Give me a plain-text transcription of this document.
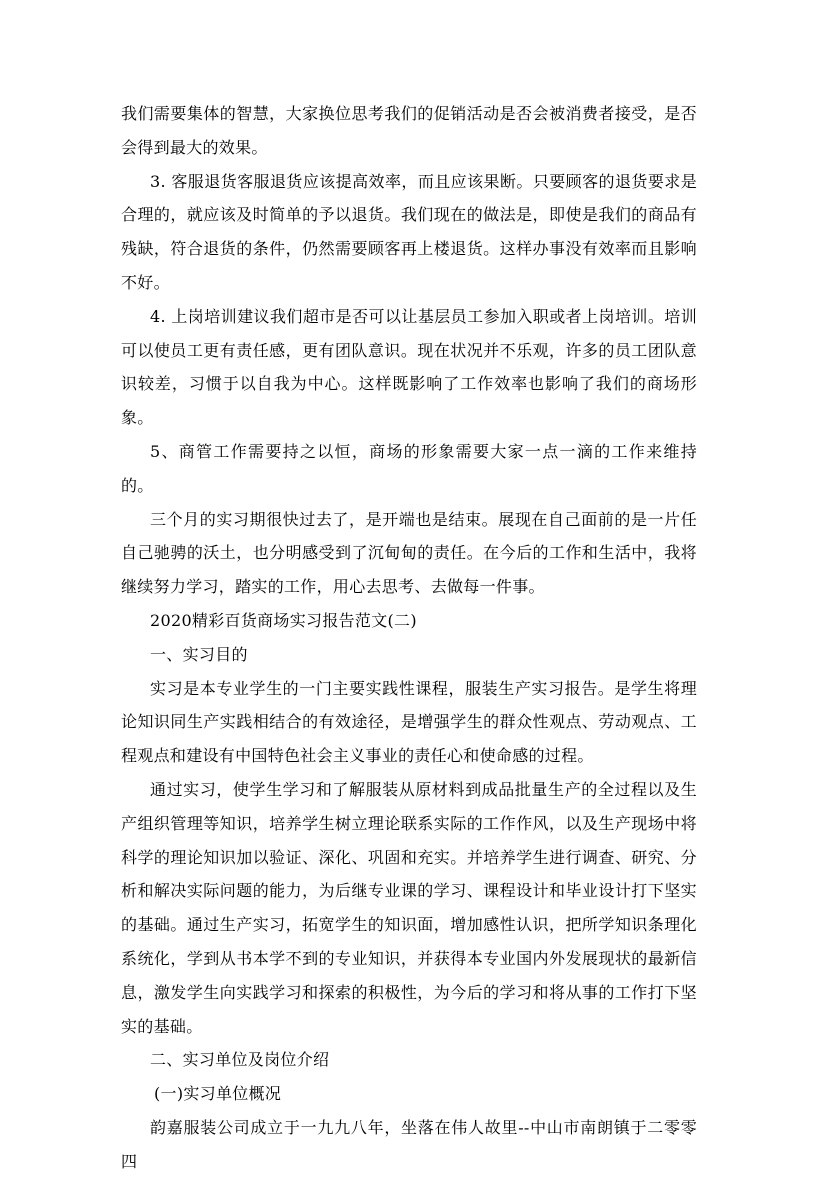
我们需要集体的智慧，大家换位思考我们的促销活动是否会被消费者接受，是否会得到最大的效果。

3. 客服退货客服退货应该提高效率，而且应该果断。只要顾客的退货要求是合理的，就应该及时简单的予以退货。我们现在的做法是，即使是我们的商品有残缺，符合退货的条件，仍然需要顾客再上楼退货。这样办事没有效率而且影响不好。

4. 上岗培训建议我们超市是否可以让基层员工参加入职或者上岗培训。培训可以使员工更有责任感，更有团队意识。现在状况并不乐观，许多的员工团队意识较差，习惯于以自我为中心。这样既影响了工作效率也影响了我们的商场形象。

5、商管工作需要持之以恒，商场的形象需要大家一点一滴的工作来维持的。

三个月的实习期很快过去了，是开端也是结束。展现在自己面前的是一片任自己驰骋的沃土，也分明感受到了沉甸甸的责任。在今后的工作和生活中，我将继续努力学习，踏实的工作，用心去思考、去做每一件事。

2020精彩百货商场实习报告范文(二)

一、实习目的

实习是本专业学生的一门主要实践性课程，服装生产实习报告。是学生将理论知识同生产实践相结合的有效途径，是增强学生的群众性观点、劳动观点、工程观点和建设有中国特色社会主义事业的责任心和使命感的过程。

通过实习，使学生学习和了解服装从原材料到成品批量生产的全过程以及生产组织管理等知识，培养学生树立理论联系实际的工作作风，以及生产现场中将科学的理论知识加以验证、深化、巩固和充实。并培养学生进行调查、研究、分析和解决实际问题的能力，为后继专业课的学习、课程设计和毕业设计打下坚实的基础。通过生产实习，拓宽学生的知识面，增加感性认识，把所学知识条理化系统化，学到从书本学不到的专业知识，并获得本专业国内外发展现状的最新信息，激发学生向实践学习和探索的积极性，为今后的学习和将从事的工作打下坚实的基础。

二、实习单位及岗位介绍

(一)实习单位概况

韵嘉服装公司成立于一九九八年，坐落在伟人故里--中山市南朗镇于二零零四
